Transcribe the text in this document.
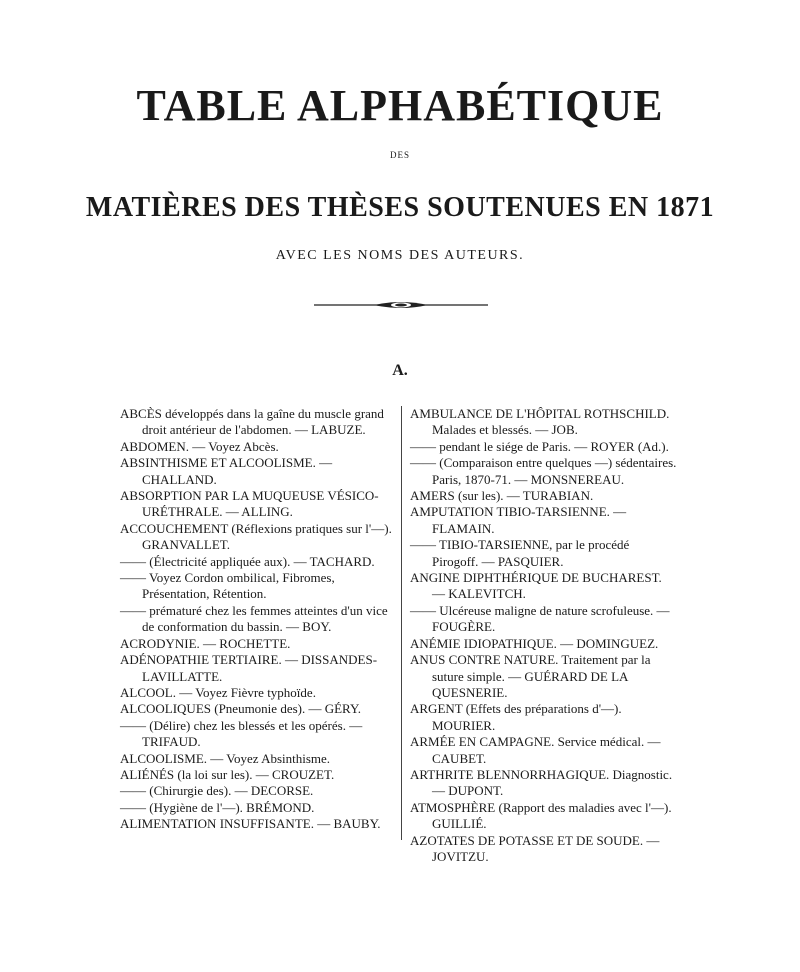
TABLE ALPHABÉTIQUE
DES
MATIÈRES DES THÈSES SOUTENUES EN 1871
AVEC LES NOMS DES AUTEURS.
A.

ABCÈS développés dans la gaîne du muscle grand droit antérieur de l'abdomen. — LABUZE.

ABDOMEN. — Voyez Abcès.

ABSINTHISME ET ALCOOLISME. — CHALLAND.

ABSORPTION PAR LA MUQUEUSE VÉSICO-URÉTHRALE. — ALLING.

ACCOUCHEMENT (Réflexions pratiques sur l'—). GRANVALLET.

—— (Électricité appliquée aux). — TACHARD.

—— Voyez Cordon ombilical, Fibromes, Présentation, Rétention.

—— prématuré chez les femmes atteintes d'un vice de conformation du bassin. — BOY.

ACRODYNIE. — ROCHETTE.

ADÉNOPATHIE TERTIAIRE. — DISSANDES-LAVILLATTE.

ALCOOL. — Voyez Fièvre typhoïde.

ALCOOLIQUES (Pneumonie des). — GÉRY.

—— (Délire) chez les blessés et les opérés. — TRIFAUD.

ALCOOLISME. — Voyez Absinthisme.

ALIÉNÉS (la loi sur les). — CROUZET.

—— (Chirurgie des). — DECORSE.

—— (Hygiène de l'—). BRÉMOND.

ALIMENTATION INSUFFISANTE. — BAUBY.

AMBULANCE DE L'HÔPITAL ROTHSCHILD. Malades et blessés. — JOB.

—— pendant le siége de Paris. — ROYER (Ad.).

—— (Comparaison entre quelques —) sédentaires. Paris, 1870-71. — MONSNEREAU.

AMERS (sur les). — TURABIAN.

AMPUTATION TIBIO-TARSIENNE. — FLAMAIN.

—— TIBIO-TARSIENNE, par le procédé Pirogoff. — PASQUIER.

ANGINE DIPHTHÉRIQUE DE BUCHAREST. — KALEVITCH.

—— Ulcéreuse maligne de nature scrofuleuse. — FOUGÈRE.

ANÉMIE IDIOPATHIQUE. — DOMINGUEZ.

ANUS CONTRE NATURE. Traitement par la suture simple. — GUÉRARD DE LA QUESNERIE.

ARGENT (Effets des préparations d'—). MOURIER.

ARMÉE EN CAMPAGNE. Service médical. — CAUBET.

ARTHRITE BLENNORRHAGIQUE. Diagnostic. — DUPONT.

ATMOSPHÈRE (Rapport des maladies avec l'—). GUILLIÉ.

AZOTATES DE POTASSE ET DE SOUDE. — JOVITZU.
